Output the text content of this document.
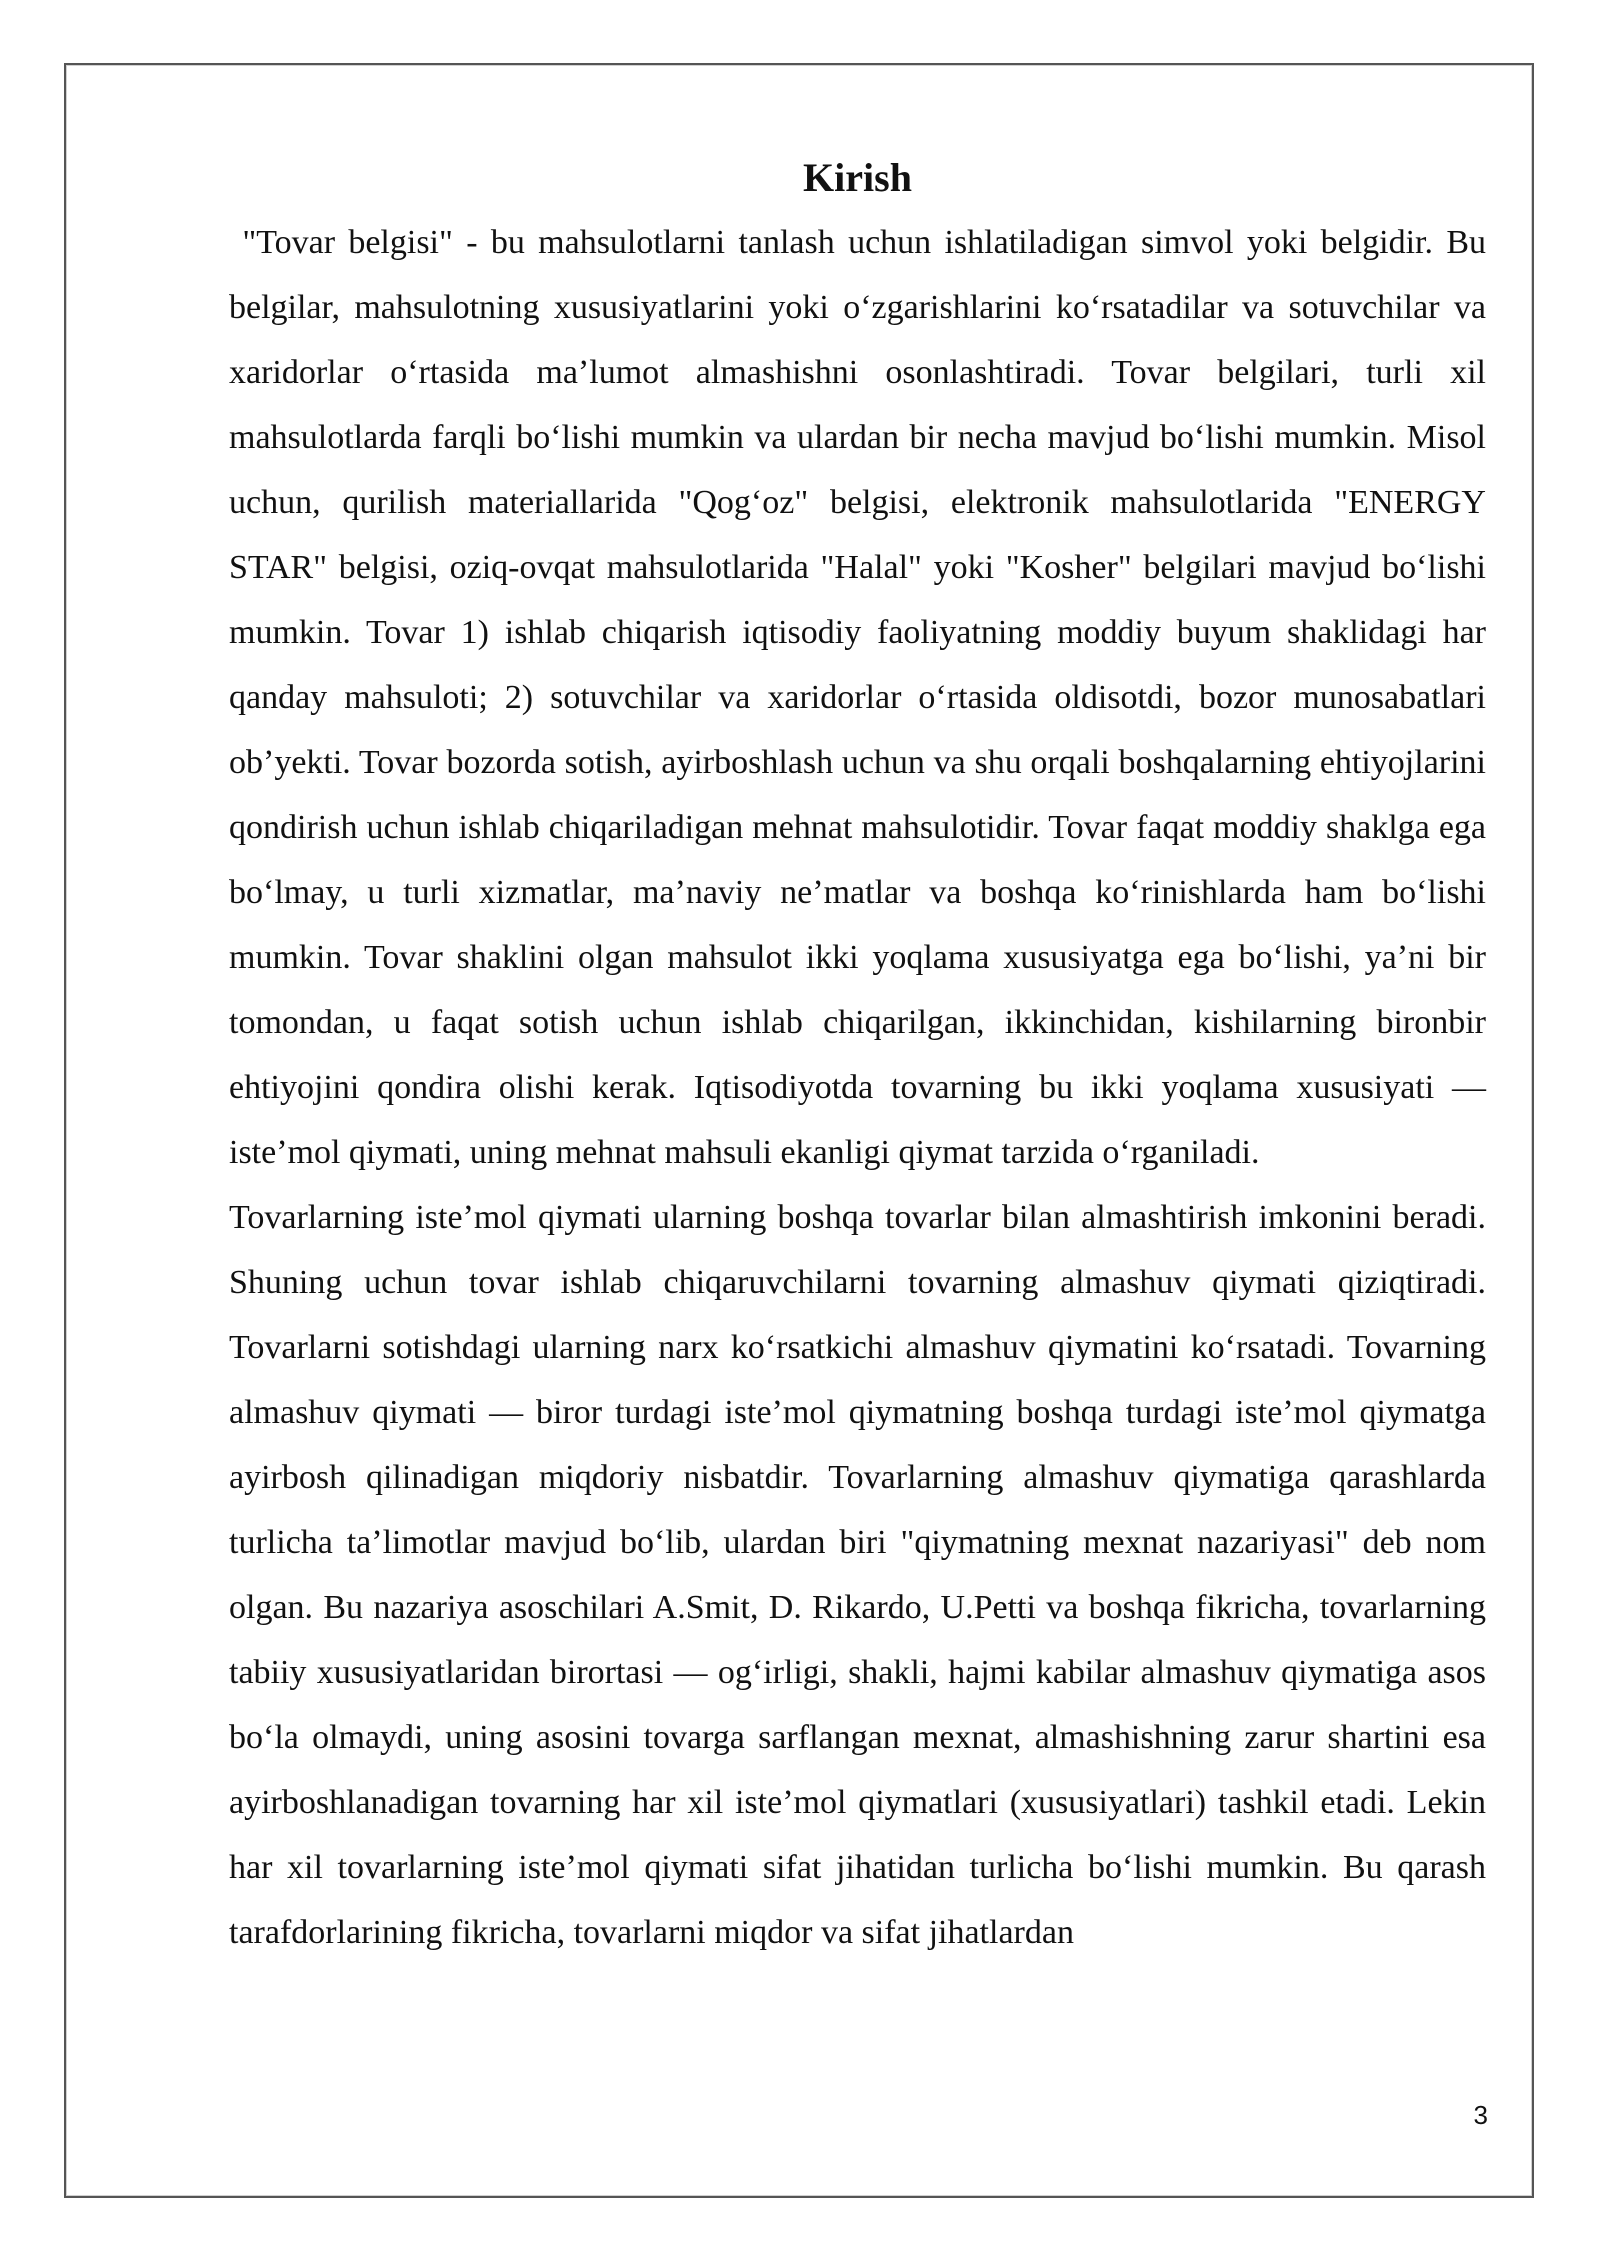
Kirish

"Tovar belgisi" - bu mahsulotlarni tanlash uchun ishlatiladigan simvol yoki belgidir. Bu belgilar, mahsulotning xususiyatlarini yoki oʻzgarishlarini koʻrsatadilar va sotuvchilar va xaridorlar oʻrtasida maʼlumot almashishni osonlashtiradi. Tovar belgilari, turli xil mahsulotlarda farqli boʻlishi mumkin va ulardan bir necha mavjud boʻlishi mumkin. Misol uchun, qurilish materiallarida "Qogʻoz" belgisi, elektronik mahsulotlarida "ENERGY STAR" belgisi, oziq-ovqat mahsulotlarida "Halal" yoki "Kosher" belgilari mavjud boʻlishi mumkin. Tovar 1) ishlab chiqarish iqtisodiy faoliyatning moddiy buyum shaklidagi har qanday mahsuloti; 2) sotuvchilar va xaridorlar oʻrtasida oldisotdi, bozor munosabatlari obʼyekti. Tovar bozorda sotish, ayirboshlash uchun va shu orqali boshqalarning ehtiyojlarini qondirish uchun ishlab chiqariladigan mehnat mahsulotidir. Tovar faqat moddiy shaklga ega boʻlmay, u turli xizmatlar, maʼnaviy neʼmatlar va boshqa koʻrinishlarda ham boʻlishi mumkin. Tovar shaklini olgan mahsulot ikki yoqlama xususiyatga ega boʻlishi, yaʼni bir tomondan, u faqat sotish uchun ishlab chiqarilgan, ikkinchidan, kishilarning bironbir ehtiyojini qondira olishi kerak. Iqtisodiyotda tovarning bu ikki yoqlama xususiyati — isteʼmol qiymati, uning mehnat mahsuli ekanligi qiymat tarzida oʻrganiladi.

Tovarlarning isteʼmol qiymati ularning boshqa tovarlar bilan almashtirish imkonini beradi. Shuning uchun tovar ishlab chiqaruvchilarni tovarning almashuv qiymati qiziqtiradi. Tovarlarni sotishdagi ularning narx koʻrsatkichi almashuv qiymatini koʻrsatadi. Tovarning almashuv qiymati — biror turdagi isteʼmol qiymatning boshqa turdagi isteʼmol qiymatga ayirbosh qilinadigan miqdoriy nisbatdir. Tovarlarning almashuv qiymatiga qarashlarda turlicha taʼlimotlar mavjud boʻlib, ulardan biri "qiymatning mexnat nazariyasi" deb nom olgan. Bu nazariya asoschilari A.Smit, D. Rikardo, U.Petti va boshqa fikricha, tovarlarning tabiiy xususiyatlaridan birortasi — ogʻirligi, shakli, hajmi kabilar almashuv qiymatiga asos boʻla olmaydi, uning asosini tovarga sarflangan mexnat, almashishning zarur shartini esa ayirboshlanadigan tovarning har xil isteʼmol qiymatlari (xususiyatlari) tashkil etadi. Lekin har xil tovarlarning isteʼmol qiymati sifat jihatidan turlicha boʻlishi mumkin. Bu qarash tarafdorlarining fikricha, tovarlarni miqdor va sifat jihatlardan

3
